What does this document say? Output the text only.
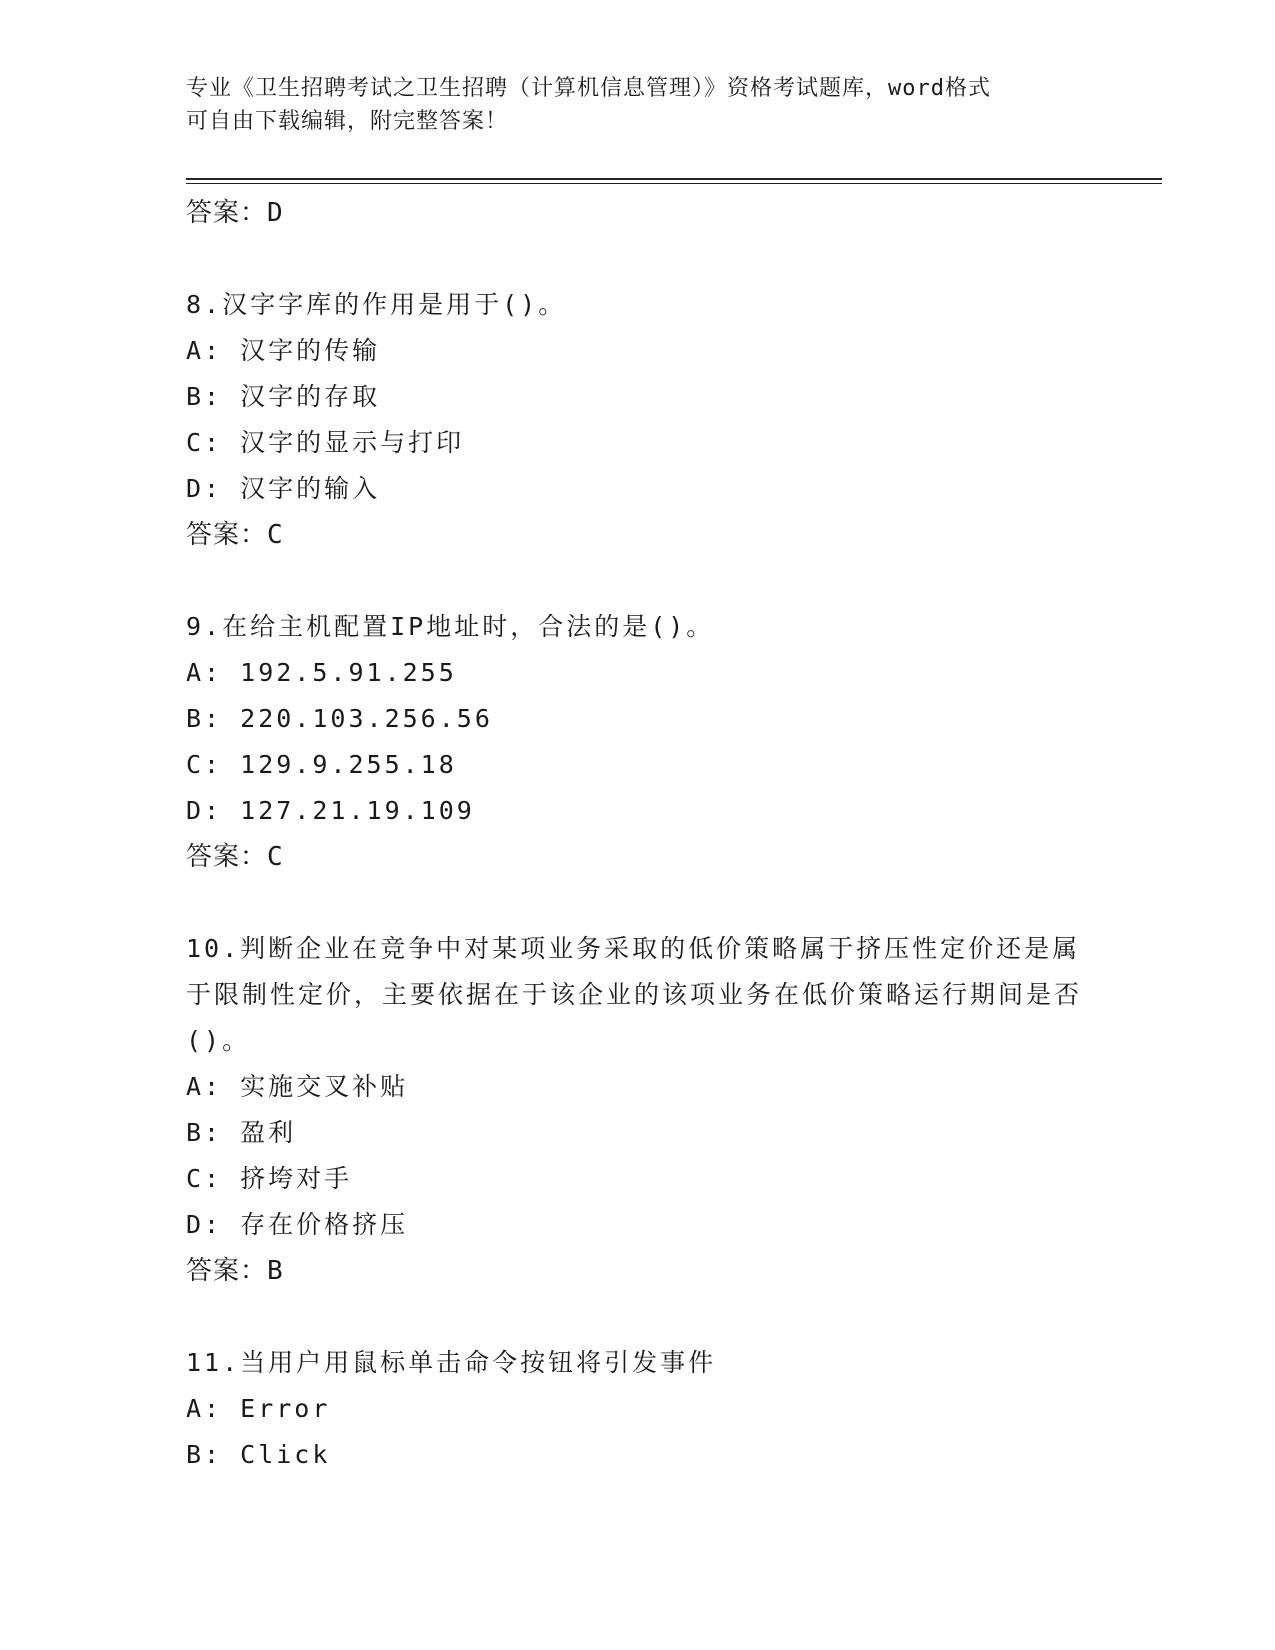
专业《卫生招聘考试之卫生招聘（计算机信息管理）》资格考试题库，word格式
可自由下载编辑，附完整答案！
答案：D
8.汉字字库的作用是用于()。
A: 汉字的传输
B: 汉字的存取
C: 汉字的显示与打印
D: 汉字的输入
答案：C
9.在给主机配置IP地址时，合法的是()。
A: 192.5.91.255
B: 220.103.256.56
C: 129.9.255.18
D: 127.21.19.109
答案：C
10.判断企业在竞争中对某项业务采取的低价策略属于挤压性定价还是属于限制性定价，主要依据在于该企业的该项业务在低价策略运行期间是否()。
A: 实施交叉补贴
B: 盈利
C: 挤垮对手
D: 存在价格挤压
答案：B
11.当用户用鼠标单击命令按钮将引发事件
A: Error
B: Click
